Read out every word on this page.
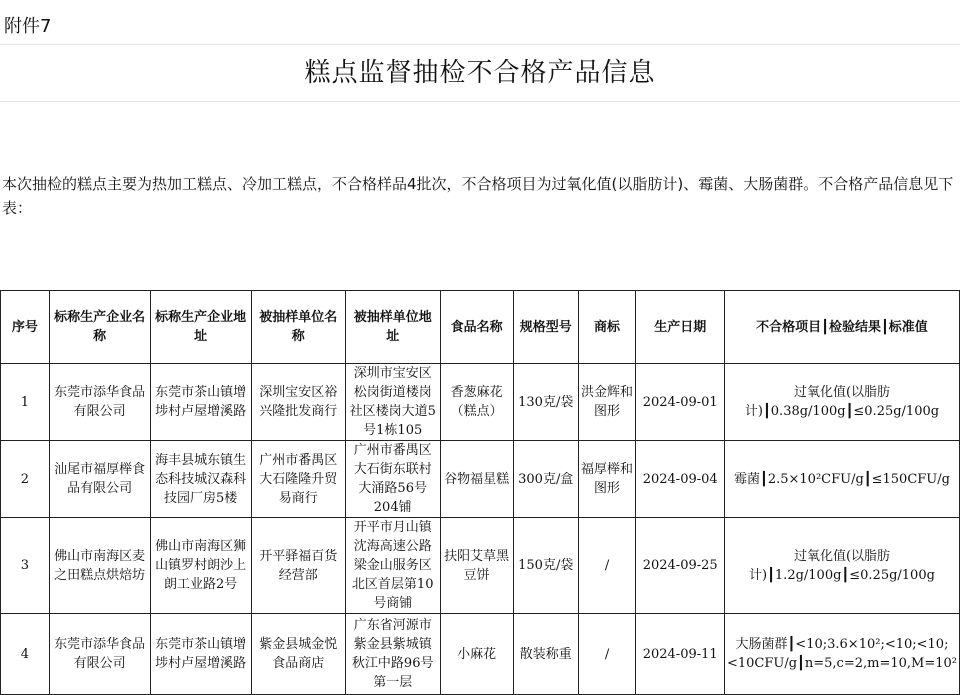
附件7
糕点监督抽检不合格产品信息
本次抽检的糕点主要为热加工糕点、冷加工糕点，不合格样品4批次，不合格项目为过氧化值(以脂肪计)、霉菌、大肠菌群。不合格产品信息见下表：
序号	标称生产企业名称	标称生产企业地址	被抽样单位名称	被抽样单位地址	食品名称	规格型号	商标	生产日期	不合格项目┃检验结果┃标准值
1	东莞市添华食品有限公司	东莞市茶山镇增埗村卢屋增溪路	深圳宝安区裕兴隆批发商行	深圳市宝安区松岗街道楼岗社区楼岗大道5号1栋105	香葱麻花（糕点）	130克/袋	洪金辉和图形	2024-09-01	过氧化值(以脂肪计)┃0.38g/100g┃≤0.25g/100g
2	汕尾市福厚榉食品有限公司	海丰县城东镇生态科技城汉森科技园厂房5楼	广州市番禺区大石隆隆升贸易商行	广州市番禺区大石街东联村大涌路56号204铺	谷物福星糕	300克/盒	福厚榉和图形	2024-09-04	霉菌┃2.5×10²CFU/g┃≤150CFU/g
3	佛山市南海区麦之田糕点烘焙坊	佛山市南海区狮山镇罗村朗沙上朗工业路2号	开平驿福百货经营部	开平市月山镇沈海高速公路梁金山服务区北区首层第10号商铺	扶阳艾草黑豆饼	150克/袋	/	2024-09-25	过氧化值(以脂肪计)┃1.2g/100g┃≤0.25g/100g
4	东莞市添华食品有限公司	东莞市茶山镇增埗村卢屋增溪路	紫金县城金悦食品商店	广东省河源市紫金县紫城镇秋江中路96号第一层	小麻花	散装称重	/	2024-09-11	大肠菌群┃<10;3.6×10²;<10;<10;<10CFU/g┃n=5,c=2,m=10,M=10²
